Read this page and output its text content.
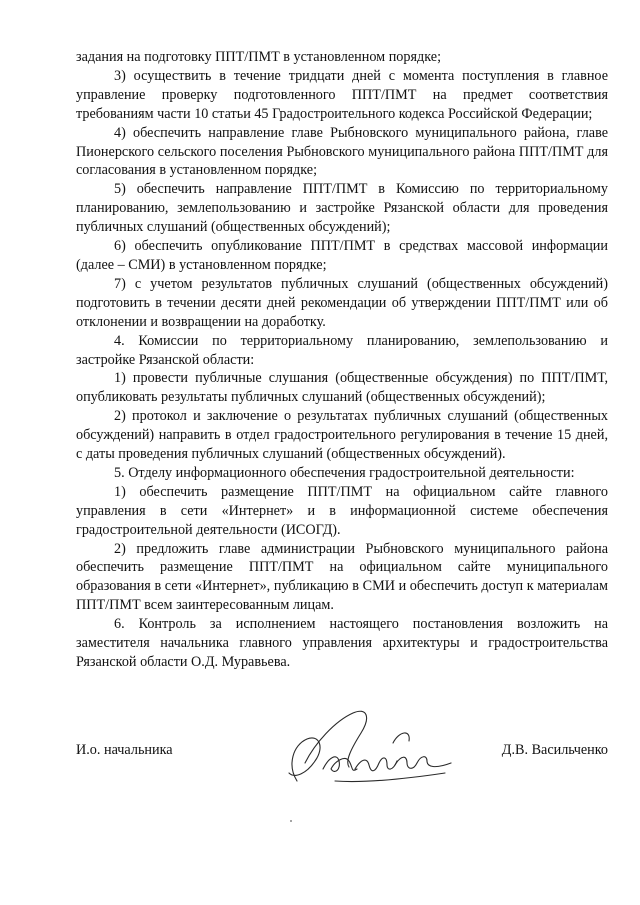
задания на подготовку ППТ/ПМТ в установленном порядке;

3) осуществить в течение тридцати дней с момента поступления в главное управление проверку подготовленного ППТ/ПМТ на предмет соответствия требованиям части 10 статьи 45 Градостроительного кодекса Российской Федерации;

4) обеспечить направление главе Рыбновского муниципального района, главе Пионерского сельского поселения Рыбновского муниципального района ППТ/ПМТ для согласования в установленном порядке;

5) обеспечить направление ППТ/ПМТ в Комиссию по территориальному планированию, землепользованию и застройке Рязанской области для проведения публичных слушаний (общественных обсуждений);

6) обеспечить опубликование ППТ/ПМТ в средствах массовой информации (далее – СМИ) в установленном порядке;

7) с учетом результатов публичных слушаний (общественных обсуждений) подготовить в течении десяти дней рекомендации об утверждении ППТ/ПМТ или об отклонении и возвращении на доработку.

4. Комиссии по территориальному планированию, землепользованию и застройке Рязанской области:

1) провести публичные слушания (общественные обсуждения) по ППТ/ПМТ, опубликовать результаты публичных слушаний (общественных обсуждений);

2) протокол и заключение о результатах публичных слушаний (общественных обсуждений) направить в отдел градостроительного регулирования в течение 15 дней, с даты проведения публичных слушаний (общественных обсуждений).

5. Отделу информационного обеспечения градостроительной деятельности:

1) обеспечить размещение ППТ/ПМТ на официальном сайте главного управления в сети «Интернет» и в информационной системе обеспечения градостроительной деятельности (ИСОГД).

2) предложить главе администрации Рыбновского муниципального района обеспечить размещение ППТ/ПМТ на официальном сайте муниципального образования в сети «Интернет», публикацию в СМИ и обеспечить доступ к материалам ППТ/ПМТ всем заинтересованным лицам.

6. Контроль за исполнением настоящего постановления возложить на заместителя начальника главного управления архитектуры и градостроительства Рязанской области О.Д. Муравьева.

И.о. начальника	Д.В. Васильченко
